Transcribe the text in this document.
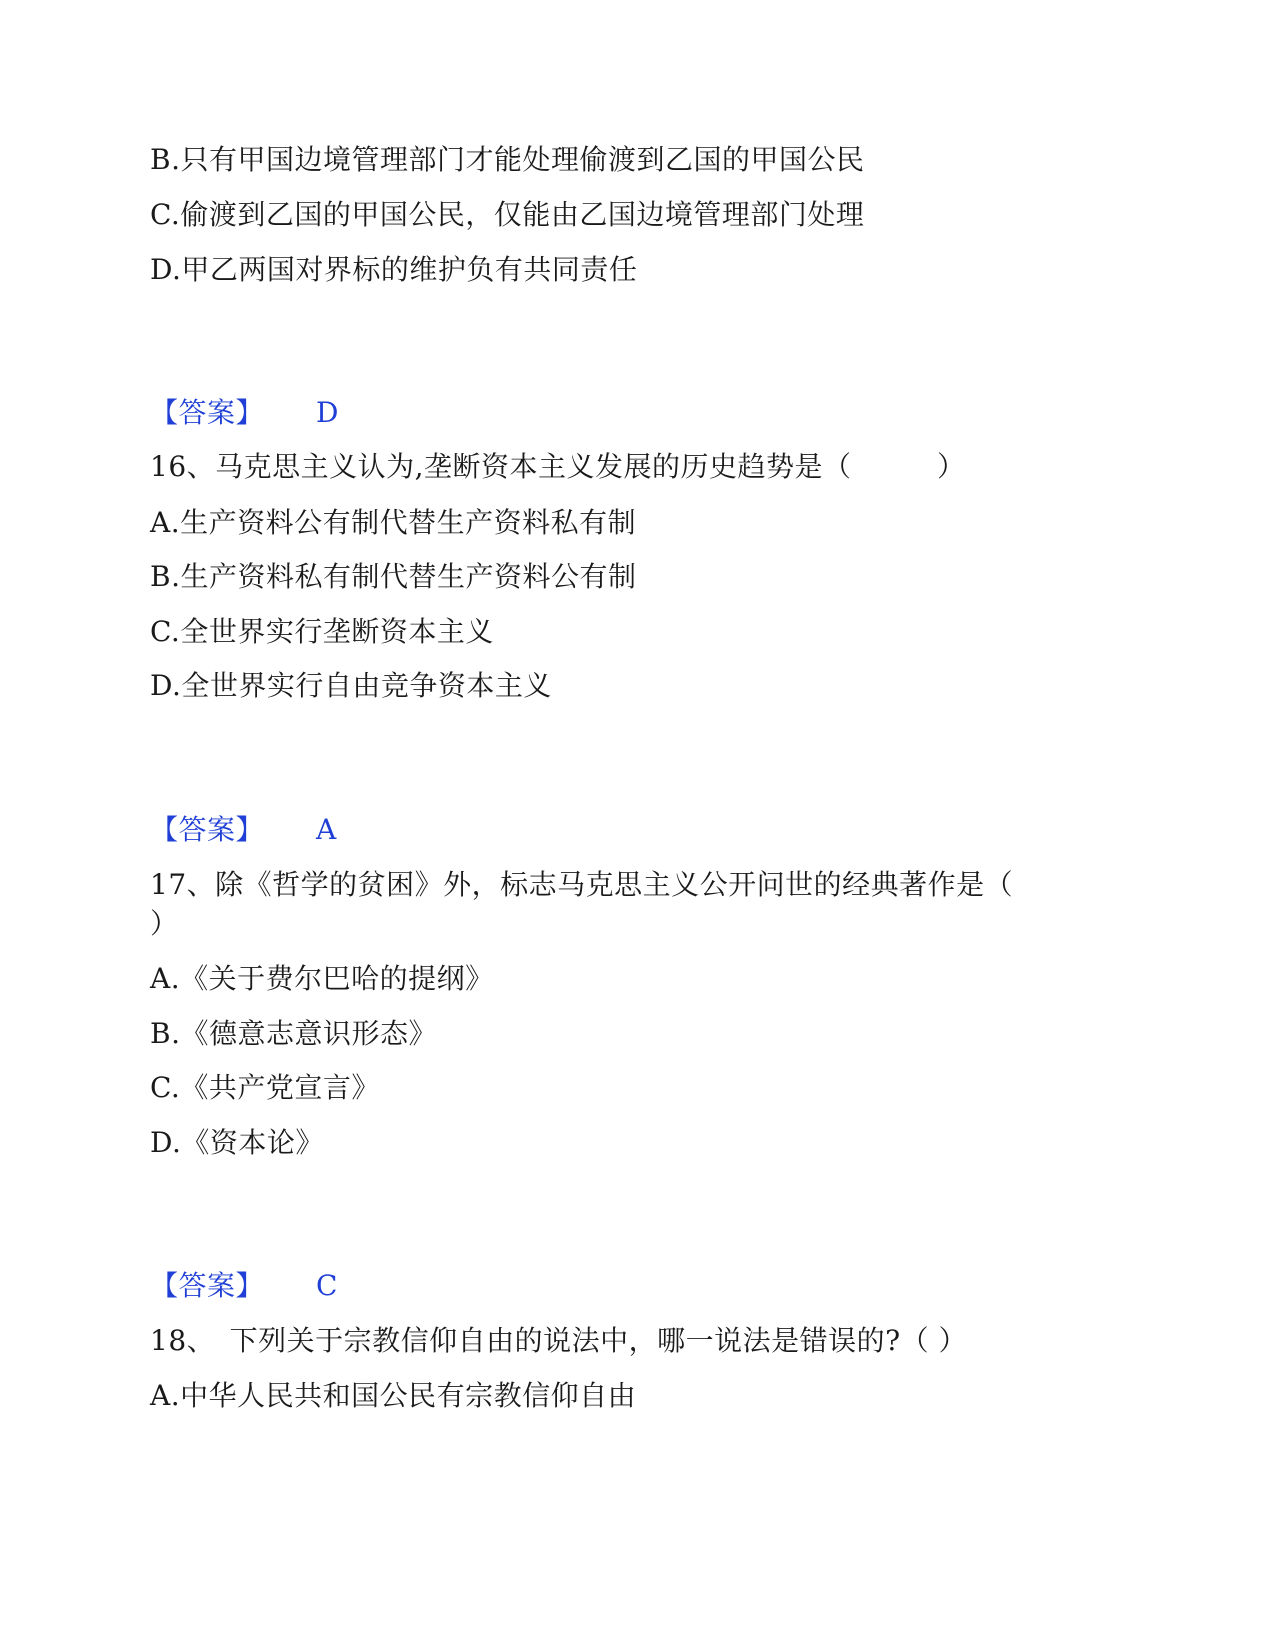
B.只有甲国边境管理部门才能处理偷渡到乙国的甲国公民
C.偷渡到乙国的甲国公民，仅能由乙国边境管理部门处理
D.甲乙两国对界标的维护负有共同责任
【答案】 D
16、马克思主义认为,垄断资本主义发展的历史趋势是（　　　）
A.生产资料公有制代替生产资料私有制
B.生产资料私有制代替生产资料公有制
C.全世界实行垄断资本主义
D.全世界实行自由竞争资本主义
【答案】 A
17、除《哲学的贫困》外，标志马克思主义公开问世的经典著作是（
）
A.《关于费尔巴哈的提纲》
B.《德意志意识形态》
C.《共产党宣言》
D.《资本论》
【答案】 C
18、　下列关于宗教信仰自由的说法中，哪一说法是错误的?（ ）
A.中华人民共和国公民有宗教信仰自由
